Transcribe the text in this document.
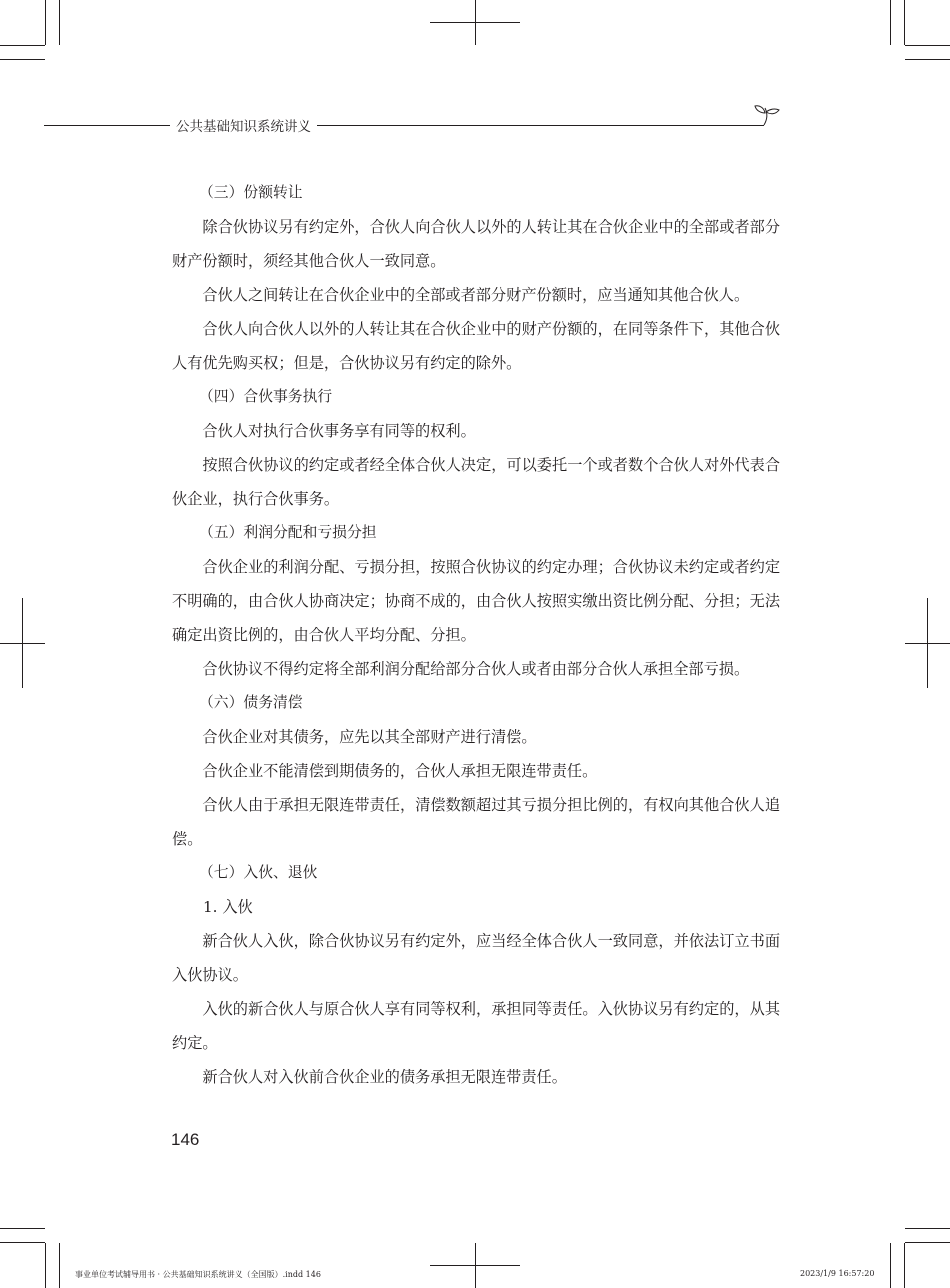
公共基础知识系统讲义

（三）份额转让

除合伙协议另有约定外，合伙人向合伙人以外的人转让其在合伙企业中的全部或者部分财产份额时，须经其他合伙人一致同意。

合伙人之间转让在合伙企业中的全部或者部分财产份额时，应当通知其他合伙人。

合伙人向合伙人以外的人转让其在合伙企业中的财产份额的，在同等条件下，其他合伙人有优先购买权；但是，合伙协议另有约定的除外。

（四）合伙事务执行

合伙人对执行合伙事务享有同等的权利。

按照合伙协议的约定或者经全体合伙人决定，可以委托一个或者数个合伙人对外代表合伙企业，执行合伙事务。

（五）利润分配和亏损分担

合伙企业的利润分配、亏损分担，按照合伙协议的约定办理；合伙协议未约定或者约定不明确的，由合伙人协商决定；协商不成的，由合伙人按照实缴出资比例分配、分担；无法确定出资比例的，由合伙人平均分配、分担。

合伙协议不得约定将全部利润分配给部分合伙人或者由部分合伙人承担全部亏损。

（六）债务清偿

合伙企业对其债务，应先以其全部财产进行清偿。

合伙企业不能清偿到期债务的，合伙人承担无限连带责任。

合伙人由于承担无限连带责任，清偿数额超过其亏损分担比例的，有权向其他合伙人追偿。

（七）入伙、退伙

1. 入伙

新合伙人入伙，除合伙协议另有约定外，应当经全体合伙人一致同意，并依法订立书面入伙协议。

入伙的新合伙人与原合伙人享有同等权利，承担同等责任。入伙协议另有约定的，从其约定。

新合伙人对入伙前合伙企业的债务承担无限连带责任。

146
事业单位考试辅导用书 · 公共基础知识系统讲义（全国版）.indd 146	2023/1/9 16:57:20
